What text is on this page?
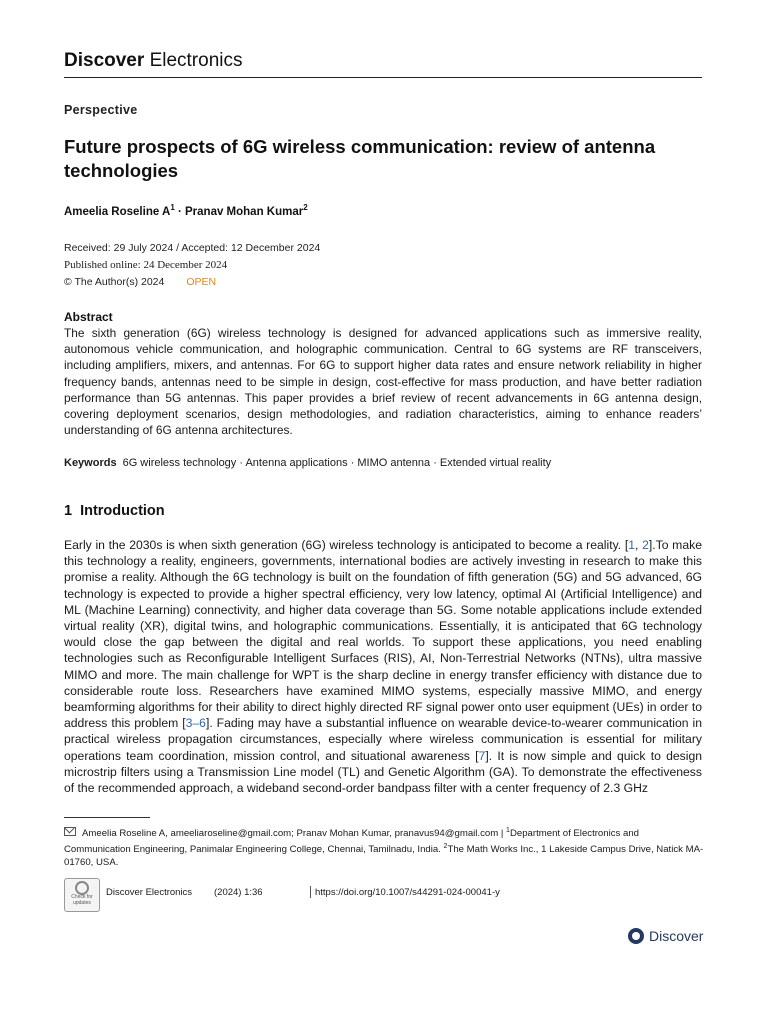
Discover Electronics
Perspective
Future prospects of 6G wireless communication: review of antenna technologies
Ameelia Roseline $A^1$ · Pranav Mohan Kumar$^2$
Received: 29 July 2024 / Accepted: 12 December 2024
Published online: 24 December 2024
© The Author(s) 2024 OPEN
Abstract
The sixth generation (6G) wireless technology is designed for advanced applications such as immersive reality, autonomous vehicle communication, and holographic communication. Central to 6G systems are RF transceivers, including amplifiers, mixers, and antennas. For 6G to support higher data rates and ensure network reliability in higher frequency bands, antennas need to be simple in design, cost-effective for mass production, and have better radiation performance than 5G antennas. This paper provides a brief review of recent advancements in 6G antenna design, covering deployment scenarios, design methodologies, and radiation characteristics, aiming to enhance readers’ understanding of 6G antenna architectures.
Keywords 6G wireless technology · Antenna applications · MIMO antenna · Extended virtual reality
1 Introduction
Early in the 2030s is when sixth generation (6G) wireless technology is anticipated to become a reality. [1, 2].To make this technology a reality, engineers, governments, international bodies are actively investing in research to make this promise a reality. Although the 6G technology is built on the foundation of fifth generation (5G) and 5G advanced, 6G technology is expected to provide a higher spectral efficiency, very low latency, optimal AI (Artificial Intelligence) and ML (Machine Learning) connectivity, and higher data coverage than 5G. Some notable applications include extended virtual reality (XR), digital twins, and holographic communications. Essentially, it is anticipated that 6G technology would close the gap between the digital and real worlds. To support these applications, you need enabling technologies such as Reconfigurable Intelligent Surfaces (RIS), AI, Non-Terrestrial Networks (NTNs), ultra massive MIMO and more. The main challenge for WPT is the sharp decline in energy transfer efficiency with distance due to considerable route loss. Researchers have examined MIMO systems, especially massive MIMO, and energy beamforming algorithms for their ability to direct highly directed RF signal power onto user equipment (UEs) in order to address this problem [3–6]. Fading may have a substantial influence on wearable device-to-wearer communication in practical wireless propagation circumstances, especially where wireless communication is essential for military operations team coordination, mission control, and situational awareness [7]. It is now simple and quick to design microstrip filters using a Transmission Line model (TL) and Genetic Algorithm (GA). To demonstrate the effectiveness of the recommended approach, a wideband second-order bandpass filter with a center frequency of 2.3 GHz
Ameelia Roseline A, ameeliaroseline@gmail.com; Pranav Mohan Kumar, pranavus94@gmail.com | $^1$Department of Electronics and Communication Engineering, Panimalar Engineering College, Chennai, Tamilnadu, India. $^2$The Math Works Inc., 1 Lakeside Campus Drive, Natick MA-01760, USA.
Check for
updates
Discover Electronics (2024) 1:36	https://doi.org/10.1007/s44291-024-00041-y
Discover
